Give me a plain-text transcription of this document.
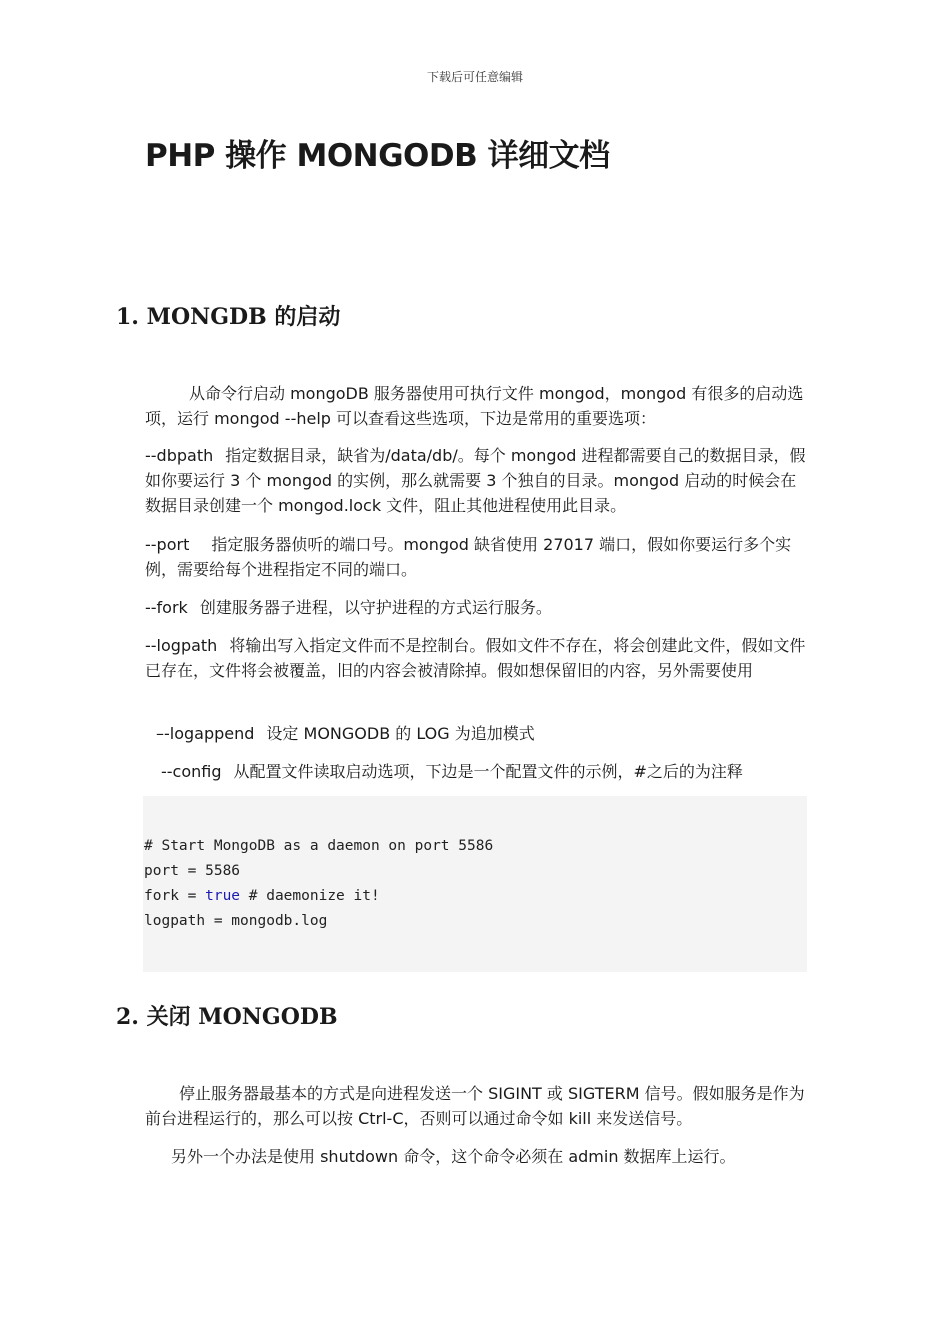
下载后可任意编辑
PHP 操作 MONGODB 详细文档
1. MONGDB 的启动

从命令行启动 mongoDB 服务器使用可执行文件 mongod，mongod 有很多的启动选项，运行 mongod --help 可以查看这些选项，下边是常用的重要选项：

--dbpath 指定数据目录，缺省为/data/db/。每个 mongod 进程都需要自己的数据目录，假如你要运行 3 个 mongod 的实例，那么就需要 3 个独自的目录。mongod 启动的时候会在数据目录创建一个 mongod.lock 文件，阻止其他进程使用此目录。

--port 指定服务器侦听的端口号。mongod 缺省使用 27017 端口，假如你要运行多个实例，需要给每个进程指定不同的端口。

--fork 创建服务器子进程，以守护进程的方式运行服务。

--logpath 将输出写入指定文件而不是控制台。假如文件不存在，将会创建此文件，假如文件已存在，文件将会被覆盖，旧的内容会被清除掉。假如想保留旧的内容，另外需要使用

–-logappend 设定 MONGODB 的 LOG 为追加模式

--config 从配置文件读取启动选项，下边是一个配置文件的示例，#之后的为注释

# Start MongoDB as a daemon on port 5586
port = 5586
fork = true # daemonize it!
logpath = mongodb.log
2. 关闭 MONGODB

停止服务器最基本的方式是向进程发送一个 SIGINT 或 SIGTERM 信号。假如服务是作为前台进程运行的，那么可以按 Ctrl-C，否则可以通过命令如 kill 来发送信号。

另外一个办法是使用 shutdown 命令，这个命令必须在 admin 数据库上运行。
